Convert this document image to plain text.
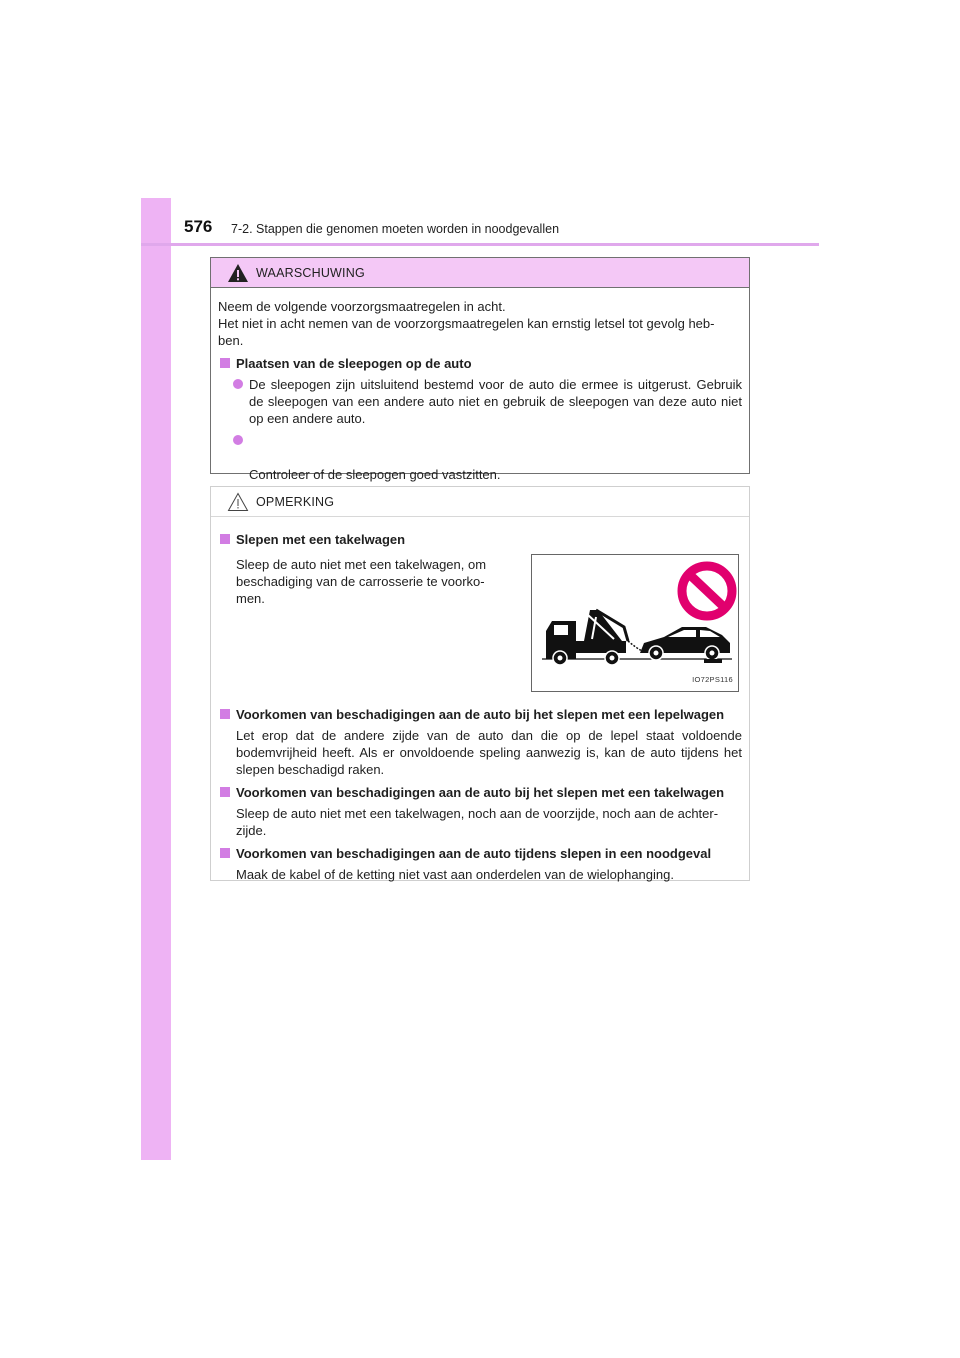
576 7-2. Stappen die genomen moeten worden in noodgevallen
WAARSCHUWING
Neem de volgende voorzorgsmaatregelen in acht.
Het niet in acht nemen van de voorzorgsmaatregelen kan ernstig letsel tot gevolg heb-
ben.
Plaatsen van de sleepogen op de auto
De sleepogen zijn uitsluitend bestemd voor de auto die ermee is uitgerust. Gebruik de sleepogen van een andere auto niet en gebruik de sleepogen van deze auto niet op een andere auto.

Controleer of de sleepogen goed vastzitten.

OPMERKING
Slepen met een takelwagen
Sleep de auto niet met een takelwagen, om beschadiging van de carrosserie te voorko-
men.
IO72PS116
Voorkomen van beschadigingen aan de auto bij het slepen met een lepelwagen
Let erop dat de andere zijde van de auto dan die op de lepel staat voldoende bodemvrijheid heeft. Als er onvoldoende speling aanwezig is, kan de auto tijdens het slepen beschadigd raken.
Voorkomen van beschadigingen aan de auto bij het slepen met een takelwagen
Sleep de auto niet met een takelwagen, noch aan de voorzijde, noch aan de achter-
zijde.
Voorkomen van beschadigingen aan de auto tijdens slepen in een noodgeval
Maak de kabel of de ketting niet vast aan onderdelen van de wielophanging.
